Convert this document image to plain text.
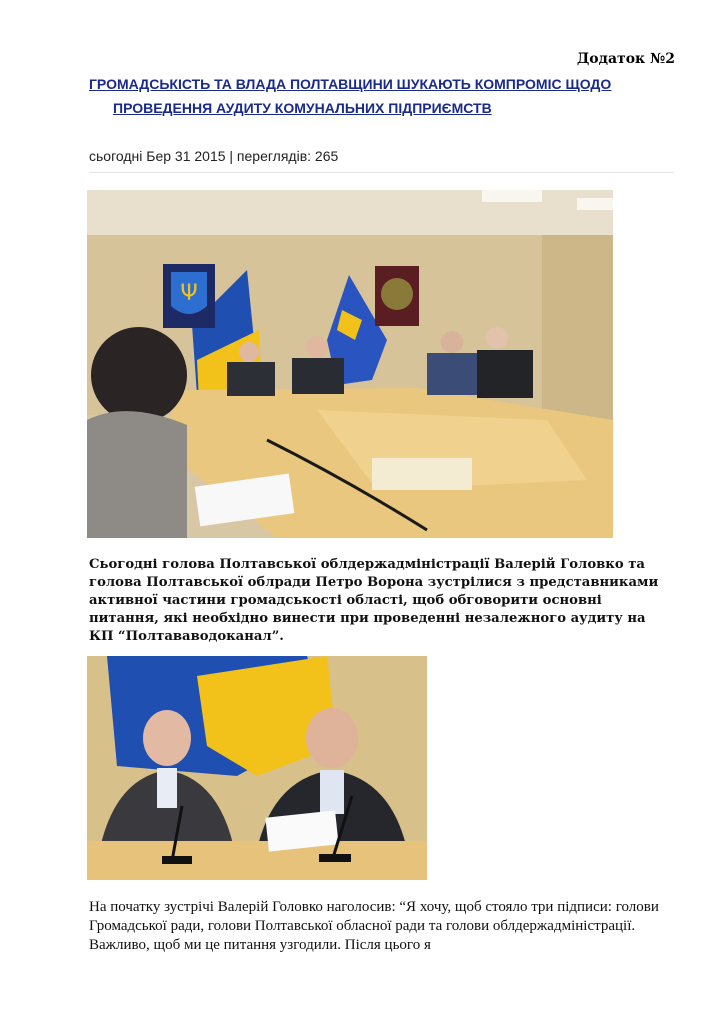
Додаток №2
ГРОМАДСЬКІСТЬ ТА ВЛАДА ПОЛТАВЩИНИ ШУКАЮТЬ КОМПРОМІС ЩОДО
ПРОВЕДЕННЯ АУДИТУ КОМУНАЛЬНИХ ПІДПРИЄМСТВ
сьогодні Бер 31 2015 | переглядів: 265
Ψ
Сьогодні голова Полтавської облдержадміністрації Валерій Головко та голова Полтавської облради Петро Ворона зустрілися з представниками активної частини громадськості області, щоб обговорити основні питання, які необхідно винести при проведенні незалежного аудиту на КП “Полтававодоканал”.
На початку зустрічі Валерій Головко наголосив: “Я хочу, щоб стояло три підписи: голови Громадської ради, голови Полтавської обласної ради та голови облдержадміністрації. Важливо, щоб ми це питання узгодили. Після цього я
